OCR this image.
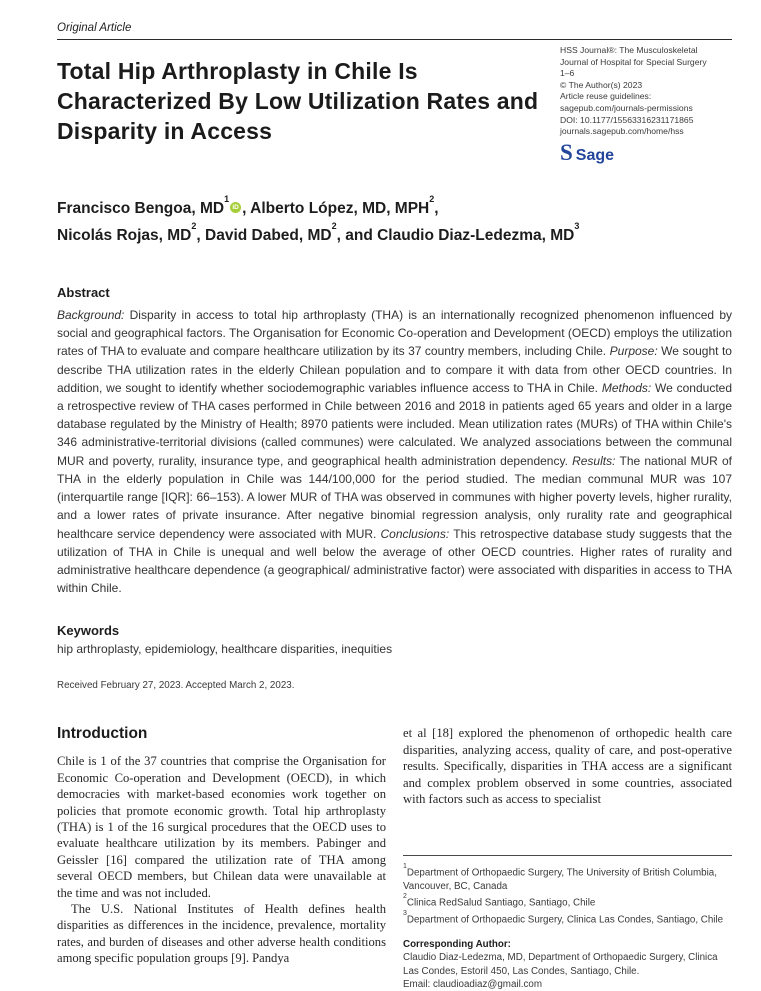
Original Article

Total Hip Arthroplasty in Chile Is Characterized By Low Utilization Rates and Disparity in Access
HSS Journal®: The Musculoskeletal
Journal of Hospital for Special Surgery
1–6
© The Author(s) 2023
Article reuse guidelines:
sagepub.com/journals-permissions
DOI: 10.1177/15563316231171865
journals.sagepub.com/home/hss
S Sage
Francisco Bengoa, $MD^1iD$ , Alberto López, MD, MPH$^2$,
Nicolás Rojas, $MD^2$, David Dabed, $MD^2$, and Claudio Diaz-Ledezma, $MD^3$
Abstract

Background: Disparity in access to total hip arthroplasty (THA) is an internationally recognized phenomenon influenced by social and geographical factors. The Organisation for Economic Co-operation and Development (OECD) employs the utilization rates of THA to evaluate and compare healthcare utilization by its 37 country members, including Chile. Purpose: We sought to describe THA utilization rates in the elderly Chilean population and to compare it with data from other OECD countries. In addition, we sought to identify whether sociodemographic variables influence access to THA in Chile. Methods: We conducted a retrospective review of THA cases performed in Chile between 2016 and 2018 in patients aged 65 years and older in a large database regulated by the Ministry of Health; 8970 patients were included. Mean utilization rates (MURs) of THA within Chile's 346 administrative-territorial divisions (called communes) were calculated. We analyzed associations between the communal MUR and poverty, rurality, insurance type, and geographical health administration dependency. Results: The national MUR of THA in the elderly population in Chile was 144/100,000 for the period studied. The median communal MUR was 107 (interquartile range [IQR]: 66–153). A lower MUR of THA was observed in communes with higher poverty levels, higher rurality, and a lower rates of private insurance. After negative binomial regression analysis, only rurality rate and geographical healthcare service dependency were associated with MUR. Conclusions: This retrospective database study suggests that the utilization of THA in Chile is unequal and well below the average of other OECD countries. Higher rates of rurality and administrative healthcare dependence (a geographical/ administrative factor) were associated with disparities in access to THA within Chile.

Keywords

hip arthroplasty, epidemiology, healthcare disparities, inequities

Received February 27, 2023. Accepted March 2, 2023.

Introduction

Chile is 1 of the 37 countries that comprise the Organisation for Economic Co-operation and Development (OECD), in which democracies with market-based economies work together on policies that promote economic growth. Total hip arthroplasty (THA) is 1 of the 16 surgical procedures that the OECD uses to evaluate healthcare utilization by its members. Pabinger and Geissler [16] compared the utilization rate of THA among several OECD members, but Chilean data were unavailable at the time and was not included.

The U.S. National Institutes of Health defines health disparities as differences in the incidence, prevalence, mortality rates, and burden of diseases and other adverse health conditions among specific population groups [9]. Pandya

et al [18] explored the phenomenon of orthopedic health care disparities, analyzing access, quality of care, and post-operative results. Specifically, disparities in THA access are a significant and complex problem observed in some countries, associated with factors such as access to specialist

$^1$Department of Orthopaedic Surgery, The University of British Columbia, Vancouver, BC, Canada

$^2$Clinica RedSalud Santiago, Santiago, Chile

$^3$Department of Orthopaedic Surgery, Clinica Las Condes, Santiago, Chile

Corresponding Author:

Claudio Diaz-Ledezma, MD, Department of Orthopaedic Surgery, Clinica Las Condes, Estoril 450, Las Condes, Santiago, Chile.

Email: claudioadiaz@gmail.com
